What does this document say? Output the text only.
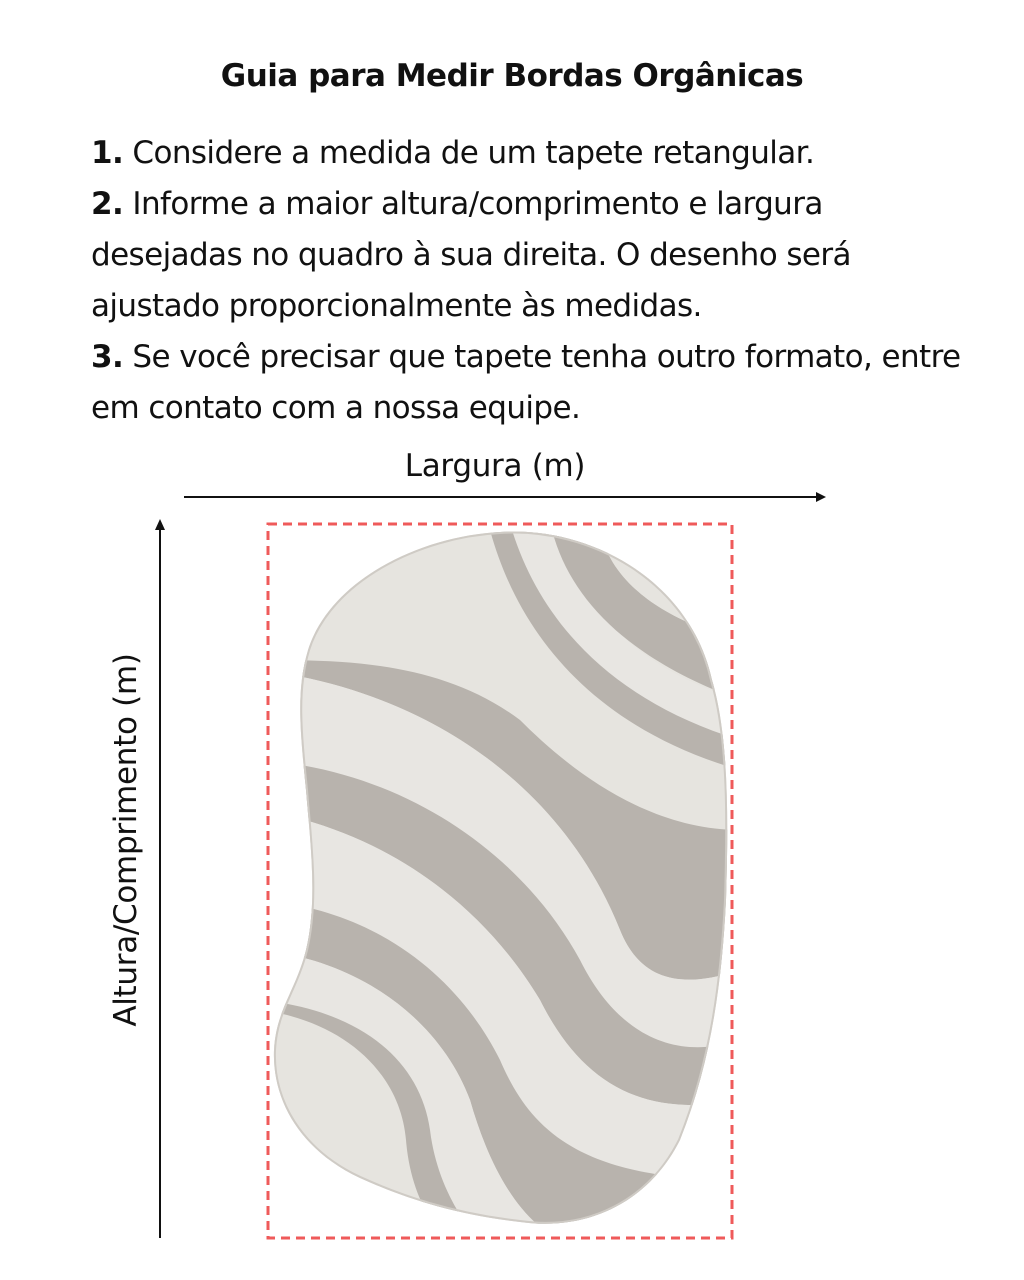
Guia para Medir Bordas Orgânicas

1. Considere a medida de um tapete retangular.

2. Informe a maior altura/comprimento e largura desejadas no quadro à sua direita. O desenho será ajustado proporcionalmente às medidas.

3. Se você precisar que tapete tenha outro formato, entre em contato com a nossa equipe.

Largura (m)
Altura/Comprimento (m)
